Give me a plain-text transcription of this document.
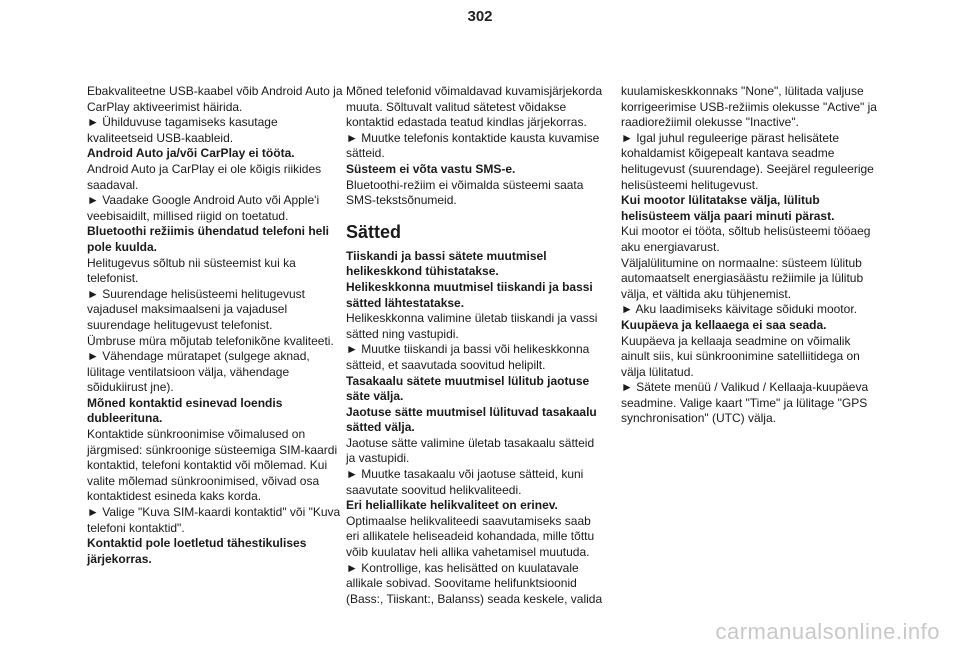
302

Ebakvaliteetne USB-kaabel võib Android Auto ja
CarPlay aktiveerimist häirida.

► Ühilduvuse tagamiseks kasutage
kvaliteetseid USB-kaableid.

Android Auto ja/või CarPlay ei tööta.

Android Auto ja CarPlay ei ole kõigis riikides
saadaval.

► Vaadake Google Android Auto või Apple'i
veebisaidilt, millised riigid on toetatud.

Bluetoothi režiimis ühendatud telefoni heli
pole kuulda.

Helitugevus sõltub nii süsteemist kui ka
telefonist.

► Suurendage helisüsteemi helitugevust
vajadusel maksimaalseni ja vajadusel
suurendage helitugevust telefonist.

Ümbruse müra mõjutab telefonikõne kvaliteeti.

► Vähendage müratapet (sulgege aknad,
lülitage ventilatsioon välja, vähendage
sõidukiirust jne).

Mõned kontaktid esinevad loendis
dubleerituna.

Kontaktide sünkroonimise võimalused on
järgmised: sünkroonige süsteemiga SIM-kaardi
kontaktid, telefoni kontaktid või mõlemad. Kui
valite mõlemad sünkroonimised, võivad osa
kontaktidest esineda kaks korda.

► Valige "Kuva SIM-kaardi kontaktid" või "Kuva
telefoni kontaktid".

Kontaktid pole loetletud tähestikulises
järjekorras.

Mõned telefonid võimaldavad kuvamisjärjekorda
muuta. Sõltuvalt valitud sätetest võidakse
kontaktid edastada teatud kindlas järjekorras.

► Muutke telefonis kontaktide kausta kuvamise
sätteid.

Süsteem ei võta vastu SMS-e.

Bluetoothi-režiim ei võimalda süsteemi saata
SMS-tekstsõnumeid.

Sätted

Tiiskandi ja bassi sätete muutmisel
helikeskkond tühistatakse.

Helikeskkonna muutmisel tiiskandi ja bassi
sätted lähtestatakse.

Helikeskkonna valimine ületab tiiskandi ja vassi
sätted ning vastupidi.

► Muutke tiiskandi ja bassi või helikeskkonna
sätteid, et saavutada soovitud helipilt.

Tasakaalu sätete muutmisel lülitub jaotuse
säte välja.

Jaotuse sätte muutmisel lülituvad tasakaalu
sätted välja.

Jaotuse sätte valimine ületab tasakaalu sätteid
ja vastupidi.

► Muutke tasakaalu või jaotuse sätteid, kuni
saavutate soovitud helikvaliteedi.

Eri heliallikate helikvaliteet on erinev.

Optimaalse helikvaliteedi saavutamiseks saab
eri allikatele heliseadeid kohandada, mille tõttu
võib kuulatav heli allika vahetamisel muutuda.

► Kontrollige, kas helisätted on kuulatavale
allikale sobivad. Soovitame helifunktsioonid
(Bass:, Tiiskant:, Balanss) seada keskele, valida

kuulamiskeskkonnaks "None", lülitada valjuse
korrigeerimise USB-režiimis olekusse "Active" ja
raadiorežiimil olekusse "Inactive".

► Igal juhul reguleerige pärast helisätete
kohaldamist kõigepealt kantava seadme
helitugevust (suurendage). Seejärel reguleerige
helisüsteemi helitugevust.

Kui mootor lülitatakse välja, lülitub
helisüsteem välja paari minuti pärast.

Kui mootor ei tööta, sõltub helisüsteemi tööaeg
aku energiavarust.

Väljalülitumine on normaalne: süsteem lülitub
automaatselt energiasäästu režiimile ja lülitub
välja, et vältida aku tühjenemist.

► Aku laadimiseks käivitage sõiduki mootor.

Kuupäeva ja kellaaega ei saa seada.

Kuupäeva ja kellaaja seadmine on võimalik
ainult siis, kui sünkroonimine satelliitidega on
välja lülitatud.

► Sätete menüü / Valikud / Kellaaja-kuupäeva
seadmine. Valige kaart "Time" ja lülitage "GPS
synchronisation" (UTC) välja.

carmanualsonline.info
